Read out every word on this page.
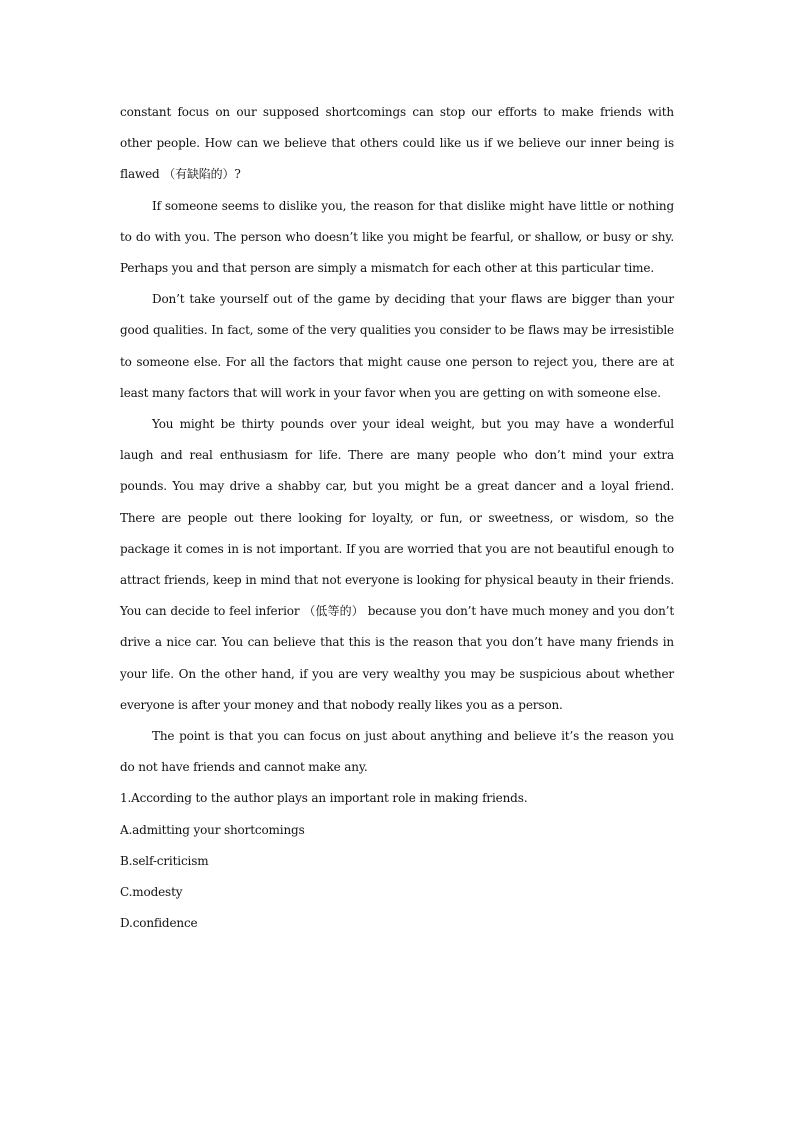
constant focus on our supposed shortcomings can stop our efforts to make friends with other people. How can we believe that others could like us if we believe our inner being is flawed （有缺陷的）?

If someone seems to dislike you, the reason for that dislike might have little or nothing to do with you. The person who doesn’t like you might be fearful, or shallow, or busy or shy. Perhaps you and that person are simply a mismatch for each other at this particular time.

Don’t take yourself out of the game by deciding that your flaws are bigger than your good qualities. In fact, some of the very qualities you consider to be flaws may be irresistible to someone else. For all the factors that might cause one person to reject you, there are at least many factors that will work in your favor when you are getting on with someone else.

You might be thirty pounds over your ideal weight, but you may have a wonderful laugh and real enthusiasm for life. There are many people who don’t mind your extra pounds. You may drive a shabby car, but you might be a great dancer and a loyal friend. There are people out there looking for loyalty, or fun, or sweetness, or wisdom, so the package it comes in is not important. If you are worried that you are not beautiful enough to attract friends, keep in mind that not everyone is looking for physical beauty in their friends. You can decide to feel inferior （低等的） because you don’t have much money and you don’t drive a nice car. You can believe that this is the reason that you don’t have many friends in your life. On the other hand, if you are very wealthy you may be suspicious about whether everyone is after your money and that nobody really likes you as a person.

The point is that you can focus on just about anything and believe it’s the reason you do not have friends and cannot make any.

1.According to the author plays an important role in making friends.

A.admitting your shortcomings

B.self-criticism

C.modesty

D.confidence
